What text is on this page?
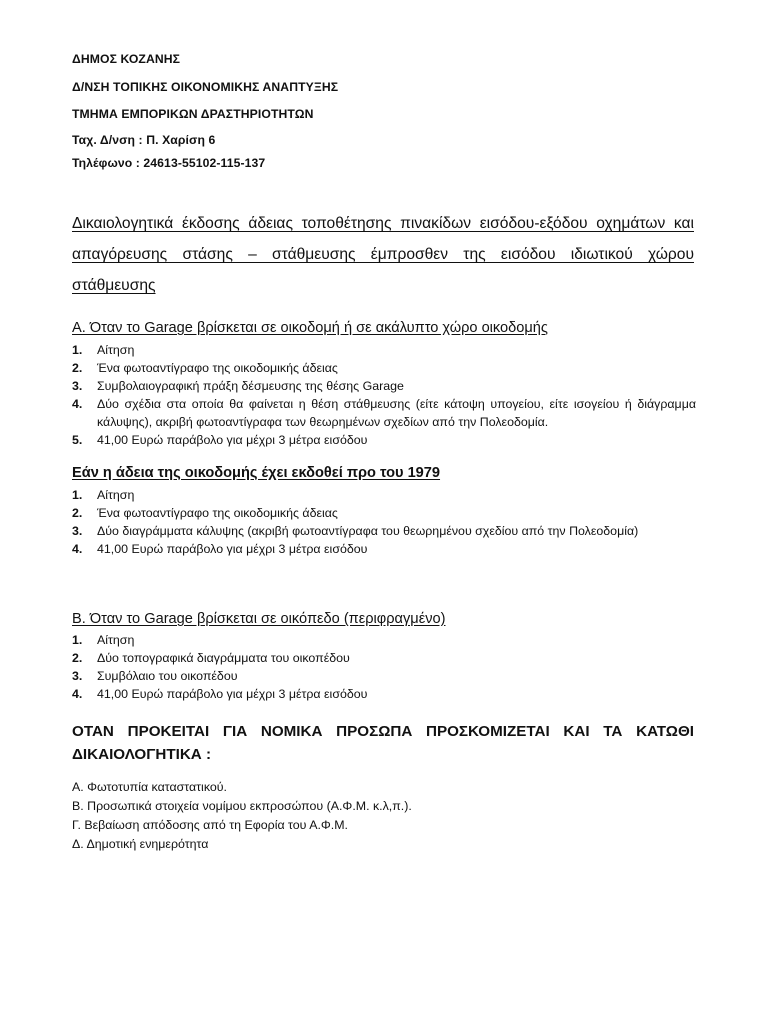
ΔΗΜΟΣ ΚΟΖΑΝΗΣ
Δ/ΝΣΗ ΤΟΠΙΚΗΣ ΟΙΚΟΝΟΜΙΚΗΣ ΑΝΑΠΤΥΞΗΣ
ΤΜΗΜΑ ΕΜΠΟΡΙΚΩΝ ΔΡΑΣΤΗΡΙΟΤΗΤΩΝ
Ταχ. Δ/νση : Π. Χαρίση 6
Τηλέφωνο : 24613-55102-115-137
Δικαιολογητικά έκδοσης άδειας τοποθέτησης πινακίδων εισόδου-εξόδου οχημάτων και απαγόρευσης στάσης – στάθμευσης έμπροσθεν της εισόδου ιδιωτικού χώρου στάθμευσης
Α. Όταν το Garage βρίσκεται σε οικοδομή ή σε ακάλυπτο χώρο οικοδομής
1. Αίτηση
2. Ένα φωτοαντίγραφο της οικοδομικής άδειας
3. Συμβολαιογραφική πράξη δέσμευσης της θέσης Garage
4. Δύο σχέδια στα οποία θα φαίνεται η θέση στάθμευσης (είτε κάτοψη υπογείου, είτε ισογείου ή διάγραμμα κάλυψης), ακριβή φωτοαντίγραφα των θεωρημένων σχεδίων από την Πολεοδομία.
5. 41,00 Ευρώ παράβολο για μέχρι 3 μέτρα εισόδου
Εάν η άδεια της οικοδομής έχει εκδοθεί προ του 1979
1. Αίτηση
2. Ένα φωτοαντίγραφο της οικοδομικής άδειας
3. Δύο διαγράμματα κάλυψης (ακριβή φωτοαντίγραφα του θεωρημένου σχεδίου από την Πολεοδομία)
4. 41,00 Ευρώ παράβολο για μέχρι 3 μέτρα εισόδου
Β. Όταν το Garage βρίσκεται σε οικόπεδο (περιφραγμένο)
1. Αίτηση
2. Δύο τοπογραφικά διαγράμματα του οικοπέδου
3. Συμβόλαιο του οικοπέδου
4. 41,00 Ευρώ παράβολο για μέχρι 3 μέτρα εισόδου
ΟΤΑΝ ΠΡΟΚΕΙΤΑΙ ΓΙΑ ΝΟΜΙΚΑ ΠΡΟΣΩΠΑ ΠΡΟΣΚΟΜΙΖΕΤΑΙ ΚΑΙ ΤΑ ΚΑΤΩΘΙ ΔΙΚΑΙΟΛΟΓΗΤΙΚΑ :
Α. Φωτοτυπία καταστατικού.
Β. Προσωπικά στοιχεία νομίμου εκπροσώπου (Α.Φ.Μ. κ.λ,π.).
Γ. Βεβαίωση απόδοσης από τη Εφορία του Α.Φ.Μ.
Δ. Δημοτική ενημερότητα
